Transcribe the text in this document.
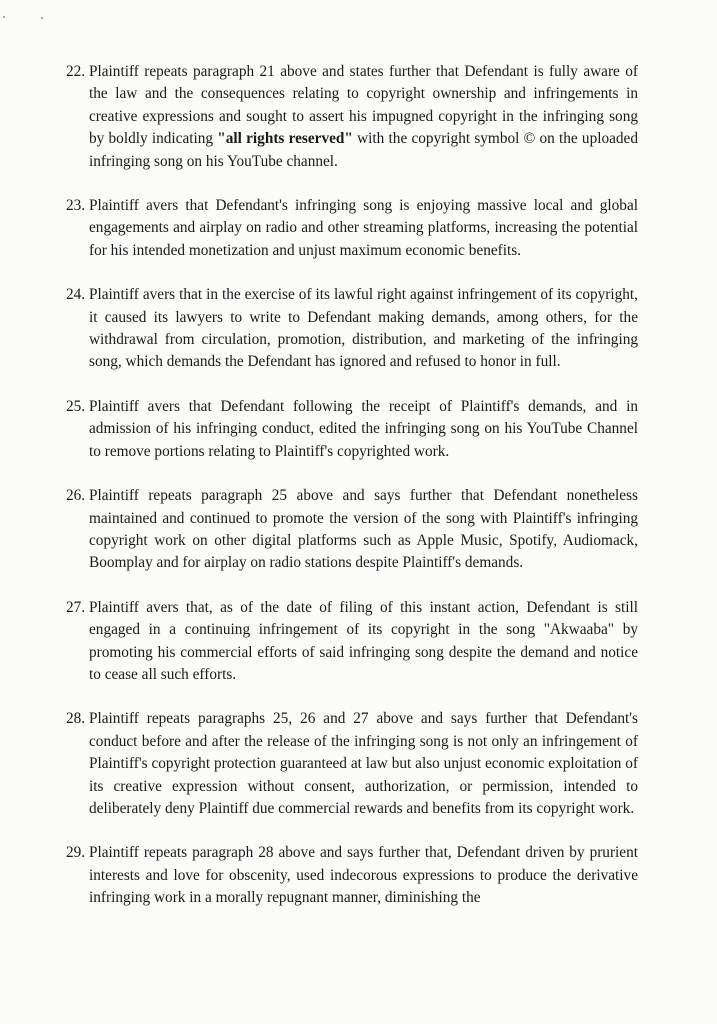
22. Plaintiff repeats paragraph 21 above and states further that Defendant is fully aware of the law and the consequences relating to copyright ownership and infringements in creative expressions and sought to assert his impugned copyright in the infringing song by boldly indicating "all rights reserved" with the copyright symbol © on the uploaded infringing song on his YouTube channel.
23. Plaintiff avers that Defendant's infringing song is enjoying massive local and global engagements and airplay on radio and other streaming platforms, increasing the potential for his intended monetization and unjust maximum economic benefits.
24. Plaintiff avers that in the exercise of its lawful right against infringement of its copyright, it caused its lawyers to write to Defendant making demands, among others, for the withdrawal from circulation, promotion, distribution, and marketing of the infringing song, which demands the Defendant has ignored and refused to honor in full.
25. Plaintiff avers that Defendant following the receipt of Plaintiff's demands, and in admission of his infringing conduct, edited the infringing song on his YouTube Channel to remove portions relating to Plaintiff's copyrighted work.
26. Plaintiff repeats paragraph 25 above and says further that Defendant nonetheless maintained and continued to promote the version of the song with Plaintiff's infringing copyright work on other digital platforms such as Apple Music, Spotify, Audiomack, Boomplay and for airplay on radio stations despite Plaintiff's demands.
27. Plaintiff avers that, as of the date of filing of this instant action, Defendant is still engaged in a continuing infringement of its copyright in the song "Akwaaba" by promoting his commercial efforts of said infringing song despite the demand and notice to cease all such efforts.
28. Plaintiff repeats paragraphs 25, 26 and 27 above and says further that Defendant's conduct before and after the release of the infringing song is not only an infringement of Plaintiff's copyright protection guaranteed at law but also unjust economic exploitation of its creative expression without consent, authorization, or permission, intended to deliberately deny Plaintiff due commercial rewards and benefits from its copyright work.
29. Plaintiff repeats paragraph 28 above and says further that, Defendant driven by prurient interests and love for obscenity, used indecorous expressions to produce the derivative infringing work in a morally repugnant manner, diminishing the
